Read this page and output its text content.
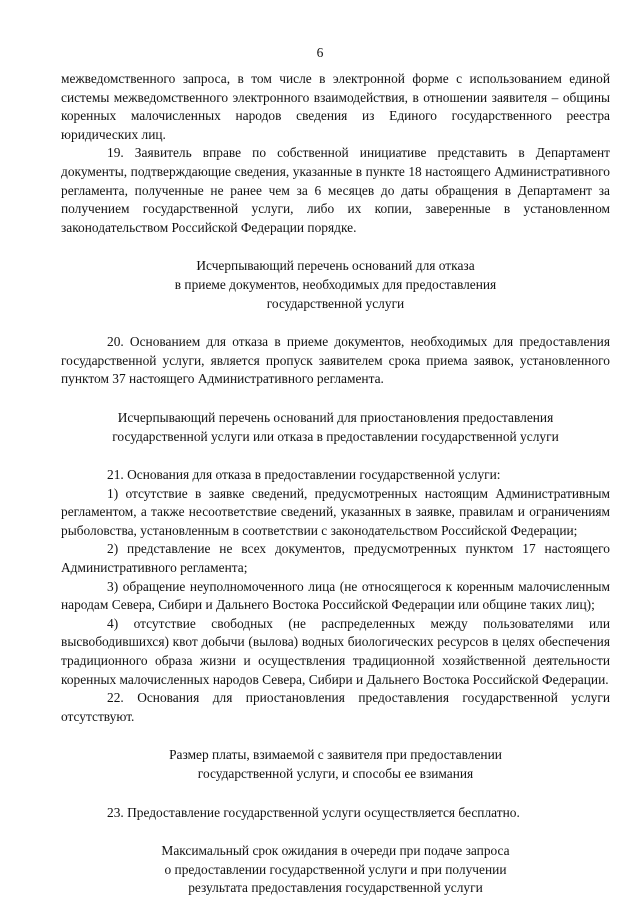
6

межведомственного запроса, в том числе в электронной форме с использованием единой системы межведомственного электронного взаимодействия, в отношении заявителя – общины коренных малочисленных народов сведения из Единого государственного реестра юридических лиц.

19. Заявитель вправе по собственной инициативе представить в Департамент документы, подтверждающие сведения, указанные в пункте 18 настоящего Административного регламента, полученные не ранее чем за 6 месяцев до даты обращения в Департамент за получением государственной услуги, либо их копии, заверенные в установленном законодательством Российской Федерации порядке.

Исчерпывающий перечень оснований для отказа
в приеме документов, необходимых для предоставления
государственной услуги

20. Основанием для отказа в приеме документов, необходимых для предоставления государственной услуги, является пропуск заявителем срока приема заявок, установленного пунктом 37 настоящего Административного регламента.

Исчерпывающий перечень оснований для приостановления предоставления
государственной услуги или отказа в предоставлении государственной услуги

21. Основания для отказа в предоставлении государственной услуги:

1) отсутствие в заявке сведений, предусмотренных настоящим Административным регламентом, а также несоответствие сведений, указанных в заявке, правилам и ограничениям рыболовства, установленным в соответствии с законодательством Российской Федерации;

2) представление не всех документов, предусмотренных пунктом 17 настоящего Административного регламента;

3) обращение неуполномоченного лица (не относящегося к коренным малочисленным народам Севера, Сибири и Дальнего Востока Российской Федерации или общине таких лиц);

4) отсутствие свободных (не распределенных между пользователями или высвободившихся) квот добычи (вылова) водных биологических ресурсов в целях обеспечения традиционного образа жизни и осуществления традиционной хозяйственной деятельности коренных малочисленных народов Севера, Сибири и Дальнего Востока Российской Федерации.

22. Основания для приостановления предоставления государственной услуги отсутствуют.

Размер платы, взимаемой с заявителя при предоставлении
государственной услуги, и способы ее взимания

23. Предоставление государственной услуги осуществляется бесплатно.

Максимальный срок ожидания в очереди при подаче запроса
о предоставлении государственной услуги и при получении
результата предоставления государственной услуги
